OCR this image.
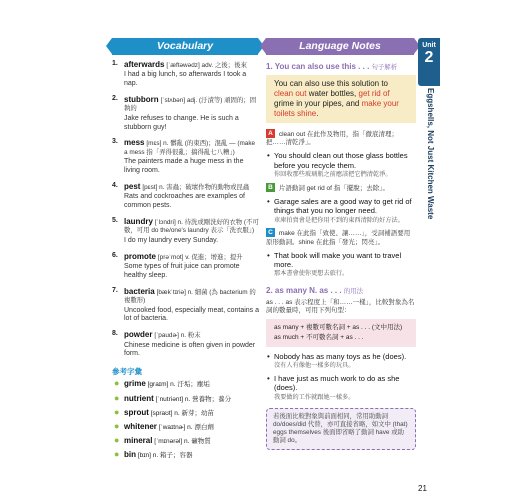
Vocabulary	Language Notes	Unit
2
Eggshells, Not Just Kitchen Waste
1. afterwards [ˈæftəwədz] adv. 之後；後來
I had a big lunch, so afterwards I took a nap.
2. stubborn [ˈstʌbən] adj. (汙漬等) 頑固的；固執的
Jake refuses to change. He is such a stubborn guy!
3. mess [mɛs] n. 髒亂 (的東西)；混亂 — (make a mess 指「弄得很亂；搞得亂七八糟」)
The painters made a huge mess in the living room.
4. pest [pɛst] n. 害蟲；破壞作物的動物或昆蟲
Rats and cockroaches are examples of common pests.
5. laundry [ˈlɔndri] n. 待洗或剛洗好的衣物 (不可數，可用 do the/one's laundry 表示「洗衣服」)
I do my laundry every Sunday.
6. promote [prəˈmot] v. 促進；增進；提升
Some types of fruit juice can promote healthy sleep.
7. bacteria [bækˈtɪriə] n. 細菌 (為 bacterium 的複數形)
Uncooked food, especially meat, contains a lot of bacteria.
8. powder [ˈpaudɚ] n. 粉末
Chinese medicine is often given in powder form.
參考字彙
● grime [graɪm] n. 汙垢；塵垢
● nutrient [ˈnutriənt] n. 營養物；養分
● sprout [spraʊt] n. 新芽；幼苗
● whitener [ˈwaɪtnɚ] n. 漂白劑
● mineral [ˈmɪnərəl] n. 礦物質
● bin [bɪn] n. 箱子；容器
1. You can also use this . . . 句子解析
You can also use this solution to clean out water bottles, get rid of grime in your pipes, and make your toilets shine.
A clean out 在此作及物用，指「徹底清理；把……清乾淨」。
• You should clean out those glass bottles before you recycle them.
你回收那些玻璃瓶之前應該把它們清乾淨。
B 片語動詞 get rid of 指「擺脫；去除」。
• Garage sales are a good way to get rid of things that you no longer need.
車庫拍賣會是把你用不到的東西清除的好方法。
C make 在此指「致使、讓……」，受詞補語要用原形動詞。shine 在此指「發光；閃亮」。
• That book will make you want to travel more.
那本書會使你更想去旅行。
2. as many N. as . . . 的用法
as . . . as 表示程度上「和……一樣」，比較對象為名詞的數量時，可用下列句型：
as many + 複數可數名詞 + as . . . (文中用法)
as much + 不可數名詞 + as . . .
• Nobody has as many toys as he (does).
沒有人有像他一樣多的玩具。
• I have just as much work to do as she (does).
我要做的工作就跟她一樣多。
若後面比較對象與前面相同，常用助動詞 do/does/did 代替，亦可直接省略，如文中 (that) eggs themselves 後面即省略了動詞 have 或助動詞 do。
21
